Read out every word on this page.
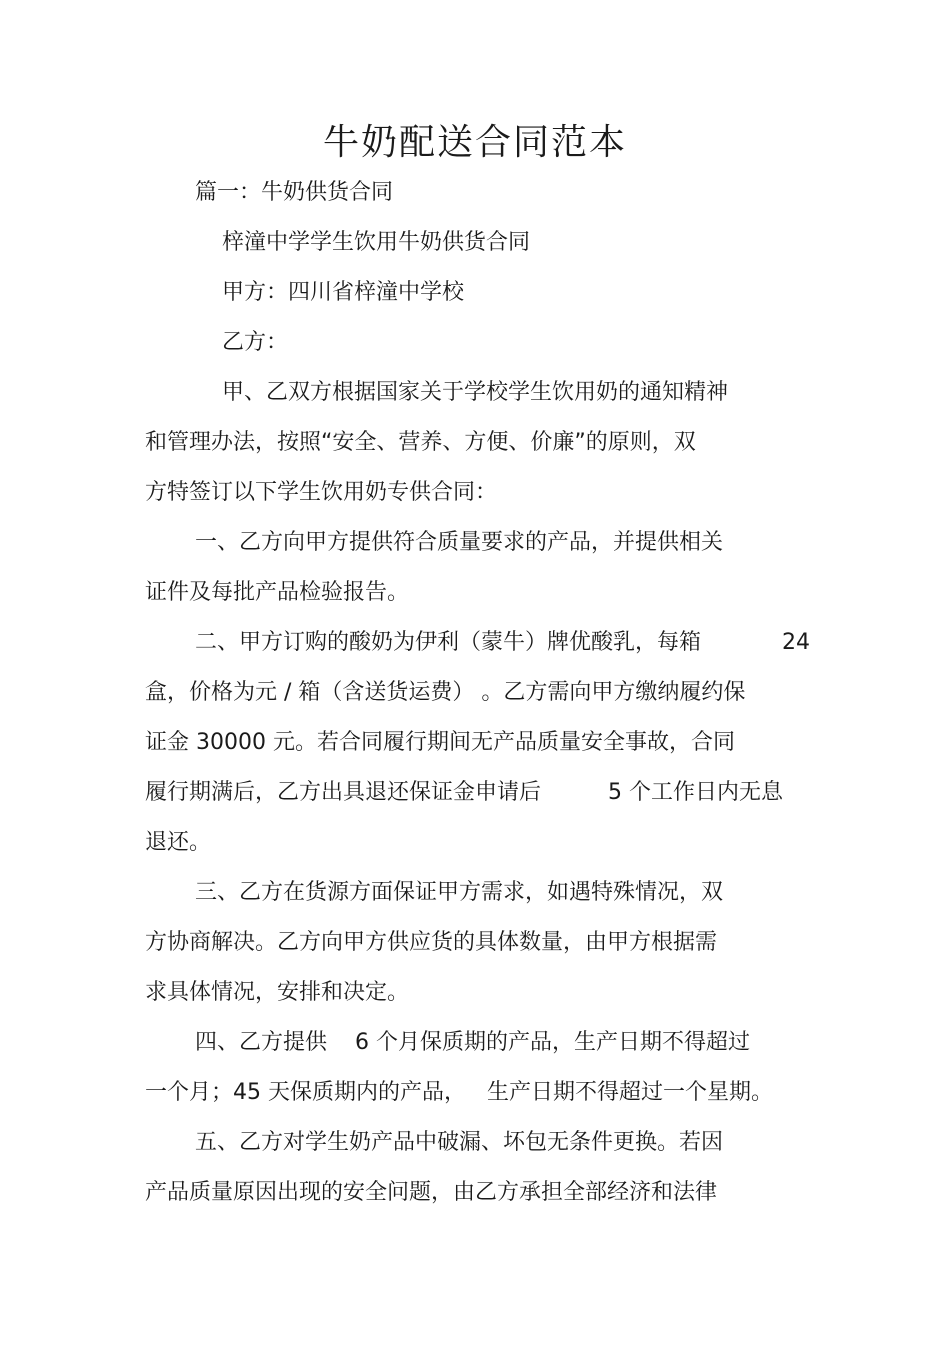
牛奶配送合同范本
篇一：牛奶供货合同
梓潼中学学生饮用牛奶供货合同
甲方：四川省梓潼中学校
乙方：
甲、乙双方根据国家关于学校学生饮用奶的通知精神
和管理办法，按照“安全、营养、方便、价廉”的原则，双
方特签订以下学生饮用奶专供合同：
一、乙方向甲方提供符合质量要求的产品，并提供相关
证件及每批产品检验报告。
二、甲方订购的酸奶为伊利（蒙牛）牌优酸乳，每箱	24
盒，价格为元 / 箱（含送货运费） 。乙方需向甲方缴纳履约保
证金 30000 元。若合同履行期间无产品质量安全事故，合同
履行期满后，乙方出具退还保证金申请后	5 个工作日内无息
退还。
三、乙方在货源方面保证甲方需求，如遇特殊情况，双
方协商解决。乙方向甲方供应货的具体数量，由甲方根据需
求具体情况，安排和决定。
四、乙方提供 6 个月保质期的产品，生产日期不得超过
一个月；45 天保质期内的产品， 生产日期不得超过一个星期。
五、乙方对学生奶产品中破漏、坏包无条件更换。若因
产品质量原因出现的安全问题，由乙方承担全部经济和法律
